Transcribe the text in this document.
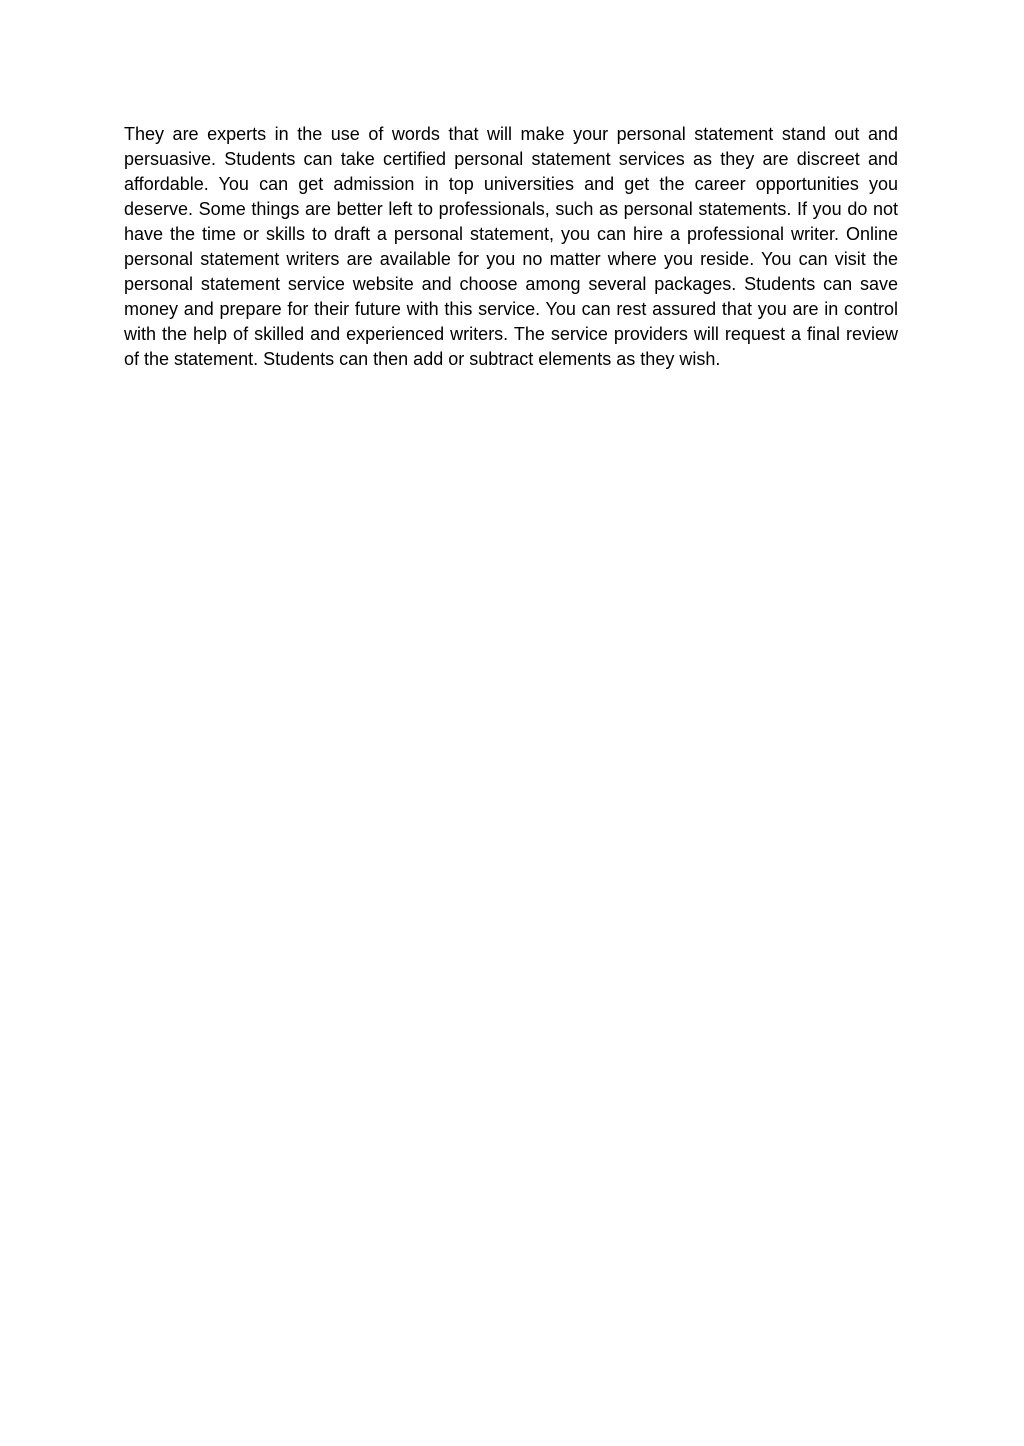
They are experts in the use of words that will make your personal statement stand out and persuasive. Students can take certified personal statement services as they are discreet and affordable. You can get admission in top universities and get the career opportunities you deserve. Some things are better left to professionals, such as personal statements. If you do not have the time or skills to draft a personal statement, you can hire a professional writer. Online personal statement writers are available for you no matter where you reside. You can visit the personal statement service website and choose among several packages. Students can save money and prepare for their future with this service. You can rest assured that you are in control with the help of skilled and experienced writers. The service providers will request a final review of the statement. Students can then add or subtract elements as they wish.
